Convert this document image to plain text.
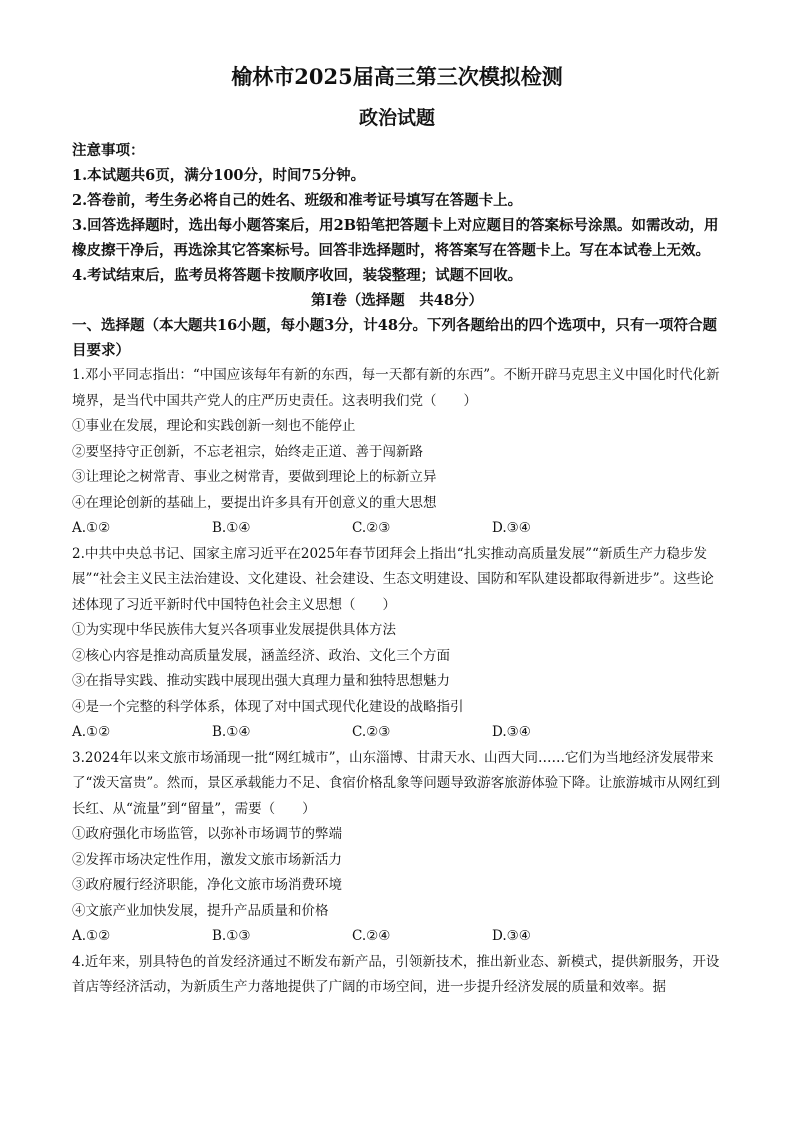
榆林市2025届高三第三次模拟检测
政治试题

注意事项：

1.本试题共6页，满分100分，时间75分钟。

2.答卷前，考生务必将自己的姓名、班级和准考证号填写在答题卡上。

3.回答选择题时，选出每小题答案后，用2B铅笔把答题卡上对应题目的答案标号涂黑。如需改动，用橡皮擦干净后，再选涂其它答案标号。回答非选择题时，将答案写在答题卡上。写在本试卷上无效。

4.考试结束后，监考员将答题卡按顺序收回，装袋整理；试题不回收。

第Ⅰ卷（选择题　共48分）

一、选择题（本大题共16小题，每小题3分，计48分。下列各题给出的四个选项中，只有一项符合题目要求）

1.邓小平同志指出：“中国应该每年有新的东西，每一天都有新的东西”。不断开辟马克思主义中国化时代化新境界，是当代中国共产党人的庄严历史责任。这表明我们党（　　）

①事业在发展，理论和实践创新一刻也不能停止

②要坚持守正创新，不忘老祖宗，始终走正道、善于闯新路

③让理论之树常青、事业之树常青，要做到理论上的标新立异

④在理论创新的基础上，要提出许多具有开创意义的重大思想

A.①②	B.①④	C.②③	D.③④

2.中共中央总书记、国家主席习近平在2025年春节团拜会上指出“扎实推动高质量发展”“新质生产力稳步发展”“社会主义民主法治建设、文化建设、社会建设、生态文明建设、国防和军队建设都取得新进步”。这些论述体现了习近平新时代中国特色社会主义思想（　　）

①为实现中华民族伟大复兴各项事业发展提供具体方法

②核心内容是推动高质量发展，涵盖经济、政治、文化三个方面

③在指导实践、推动实践中展现出强大真理力量和独特思想魅力

④是一个完整的科学体系，体现了对中国式现代化建设的战略指引

A.①②	B.①④	C.②③	D.③④

3.2024年以来文旅市场涌现一批“网红城市”，山东淄博、甘肃天水、山西大同……它们为当地经济发展带来了“泼天富贵”。然而，景区承载能力不足、食宿价格乱象等问题导致游客旅游体验下降。让旅游城市从网红到长红、从“流量”到“留量”，需要（　　）

①政府强化市场监管，以弥补市场调节的弊端

②发挥市场决定性作用，激发文旅市场新活力

③政府履行经济职能，净化文旅市场消费环境

④文旅产业加快发展，提升产品质量和价格

A.①②	B.①③	C.②④	D.③④

4.近年来，别具特色的首发经济通过不断发布新产品，引领新技术，推出新业态、新模式，提供新服务，开设首店等经济活动，为新质生产力落地提供了广阔的市场空间，进一步提升经济发展的质量和效率。据
